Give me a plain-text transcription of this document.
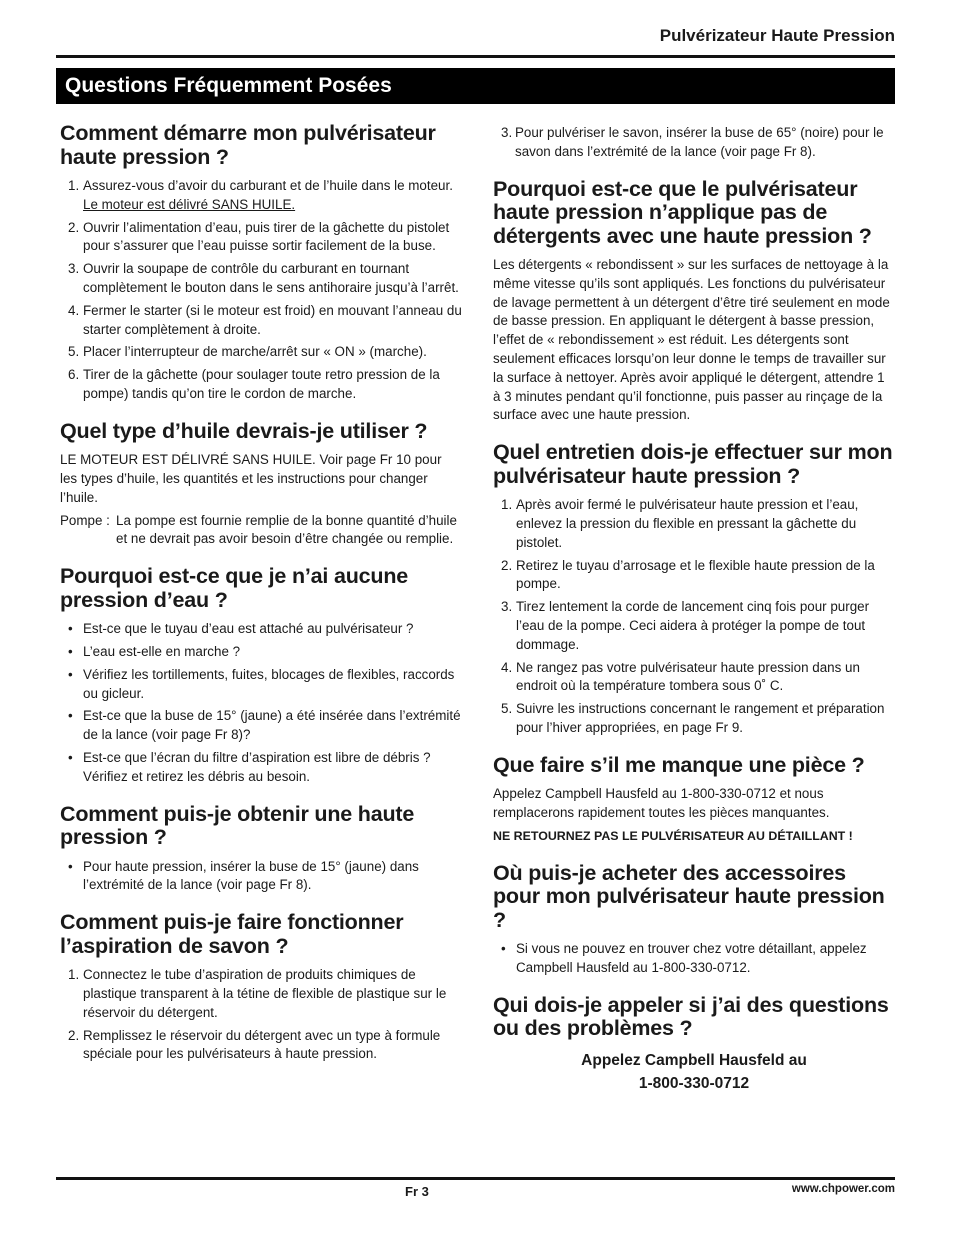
Pulvérizateur Haute Pression
Questions Fréquemment Posées
Comment démarre mon pulvérisateur haute pression ?
1. Assurez-vous d’avoir du carburant et de l’huile dans le moteur. Le moteur est délivré SANS HUILE.
2. Ouvrir l’alimentation d’eau, puis tirer de la gâchette du pistolet pour s’assurer que l’eau puisse sortir facilement de la buse.
3. Ouvrir la soupape de contrôle du carburant en tournant complètement le bouton dans le sens antihoraire jusqu’à l’arrêt.
4. Fermer le starter (si le moteur est froid) en mouvant l’anneau du starter complètement à droite.
5. Placer l’interrupteur de marche/arrêt sur « ON » (marche).
6. Tirer de la gâchette (pour soulager toute retro pression de la pompe) tandis qu’on tire le cordon de marche.
Quel type d’huile devrais-je utiliser ?

LE MOTEUR EST DÉLIVRÉ SANS HUILE. Voir page Fr 10 pour les types d’huile, les quantités et les instructions pour changer l’huile.

Pompe : La pompe est fournie remplie de la bonne quantité d’huile et ne devrait pas avoir besoin d’être changée ou remplie.
Pourquoi est-ce que je n’ai aucune pression d’eau ?
• Est-ce que le tuyau d’eau est attaché au pulvérisateur ?
• L’eau est-elle en marche ?
• Vérifiez les tortillements, fuites, blocages de flexibles, raccords ou gicleur.
• Est-ce que la buse de 15° (jaune) a été insérée dans l’extrémité de la lance (voir page Fr 8)?
• Est-ce que l’écran du filtre d’aspiration est libre de débris ? Vérifiez et retirez les débris au besoin.
Comment puis-je obtenir une haute pression ?
• Pour haute pression, insérer la buse de 15° (jaune) dans l’extrémité de la lance (voir page Fr 8).
Comment puis-je faire fonctionner l’aspiration de savon ?
1. Connectez le tube d’aspiration de produits chimiques de plastique transparent à la tétine de flexible de plastique sur le réservoir du détergent.
2. Remplissez le réservoir du détergent avec un type à formule spéciale pour les pulvérisateurs à haute pression.
3. Pour pulvériser le savon, insérer la buse de 65° (noire) pour le savon dans l’extrémité de la lance (voir page Fr 8).
Pourquoi est-ce que le pulvérisateur haute pression n’applique pas de détergents avec une haute pression ?

Les détergents « rebondissent » sur les surfaces de nettoyage à la même vitesse qu’ils sont appliqués. Les fonctions du pulvérisateur de lavage permettent à un détergent d’être tiré seulement en mode de basse pression. En appliquant le détergent à basse pression, l’effet de « rebondissement » est réduit. Les détergents sont seulement efficaces lorsqu’on leur donne le temps de travailler sur la surface à nettoyer. Après avoir appliqué le détergent, attendre 1 à 3 minutes pendant qu’il fonctionne, puis passer au rinçage de la surface avec une haute pression.

Quel entretien dois-je effectuer sur mon pulvérisateur haute pression ?
1. Après avoir fermé le pulvérisateur haute pression et l’eau, enlevez la pression du flexible en pressant la gâchette du pistolet.
2. Retirez le tuyau d’arrosage et le flexible haute pression de la pompe.
3. Tirez lentement la corde de lancement cinq fois pour purger l’eau de la pompe. Ceci aidera à protéger la pompe de tout dommage.
4. Ne rangez pas votre pulvérisateur haute pression dans un endroit où la température tombera sous 0˚ C.
5. Suivre les instructions concernant le rangement et préparation pour l’hiver appropriées, en page Fr 9.
Que faire s’il me manque une pièce ?

Appelez Campbell Hausfeld au 1-800-330-0712 et nous remplacerons rapidement toutes les pièces manquantes.

NE RETOURNEZ PAS LE PULVÉRISATEUR AU DÉTAILLANT !

Où puis-je acheter des accessoires pour mon pulvérisateur haute pression ?
• Si vous ne pouvez en trouver chez votre détaillant, appelez Campbell Hausfeld au 1-800-330-0712.
Qui dois-je appeler si j’ai des questions ou des problèmes ?
Appelez Campbell Hausfeld au
1-800-330-0712
Fr 3	www.chpower.com
